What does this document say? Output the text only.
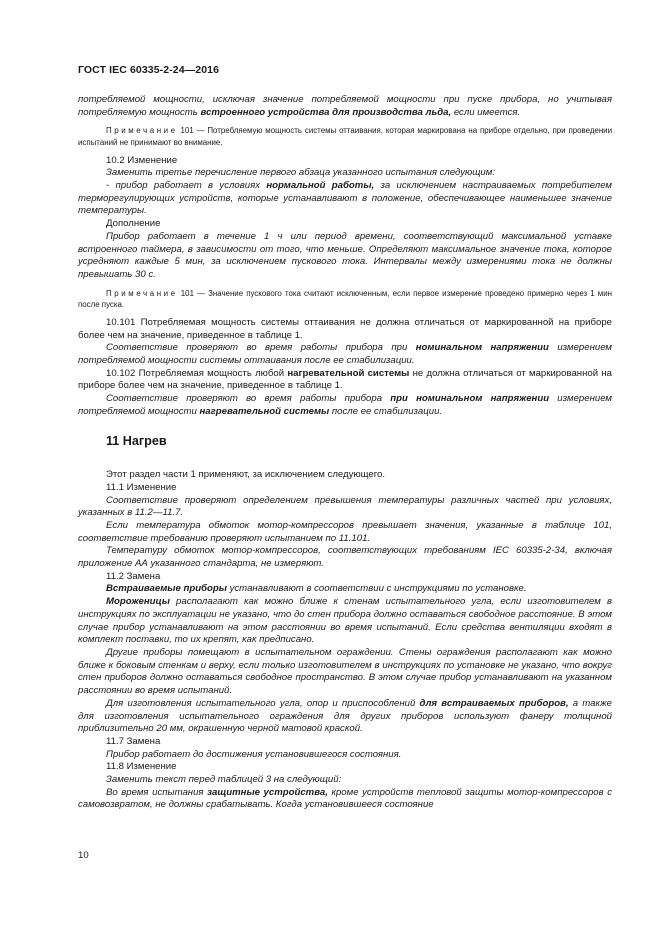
ГОСТ IEC 60335-2-24—2016

потребляемой мощности, исключая значение потребляемой мощности при пуске прибора, но учитывая потребляемую мощность встроенного устройства для производства льда, если имеется.

Примечание 101 — Потребляемую мощность системы оттаивания, которая маркирована на приборе отдельно, при проведении испытаний не принимают во внимание.

10.2 Изменение

Заменить третье перечисление первого абзаца указанного испытания следующим:

- прибор работает в условиях нормальной работы, за исключением настраиваемых потребителем терморегулирующих устройств, которые устанавливают в положение, обеспечивающее наименьшее значение температуры.

Дополнение

Прибор работает в течение 1 ч или период времени, соответствующий максимальной уставке встроенного таймера, в зависимости от того, что меньше. Определяют максимальное значение тока, которое усредняют каждые 5 мин, за исключением пускового тока. Интервалы между измерениями тока не должны превышать 30 с.

Примечание 101 — Значение пускового тока считают исключенным, если первое измерение проведено примерно через 1 мин после пуска.

10.101 Потребляемая мощность системы оттаивания не должна отличаться от маркированной на приборе более чем на значение, приведенное в таблице 1.

Соответствие проверяют во время работы прибора при номинальном напряжении измерением потребляемой мощности системы оттаивания после ее стабилизации.

10.102 Потребляемая мощность любой нагревательной системы не должна отличаться от маркированной на приборе более чем на значение, приведенное в таблице 1.

Соответствие проверяют во время работы прибора при номинальном напряжении измерением потребляемой мощности нагревательной системы после ее стабилизации.

11 Нагрев

Этот раздел части 1 применяют, за исключением следующего.

11.1 Изменение

Соответствие проверяют определением превышения температуры различных частей при условиях, указанных в 11.2—11.7.

Если температура обмоток мотор-компрессоров превышает значения, указанные в таблице 101, соответствие требованию проверяют испытанием по 11.101.

Температуру обмоток мотор-компрессоров, соответствующих требованиям IEC 60335-2-34, включая приложение АА указанного стандарта, не измеряют.

11.2 Замена

Встраиваемые приборы устанавливают в соответствии с инструкциями по установке.

Мороженицы располагают как можно ближе к стенам испытательного угла, если изготовителем в инструкциях по эксплуатации не указано, что до стен прибора должно оставаться свободное расстояние. В этом случае прибор устанавливают на этом расстоянии во время испытаний. Если средства вентиляции входят в комплект поставки, то их крепят, как предписано.

Другие приборы помещают в испытательном ограждении. Стены ограждения располагают как можно ближе к боковым стенкам и верху, если только изготовителем в инструкциях по установке не указано, что вокруг стен приборов должно оставаться свободное пространство. В этом случае прибор устанавливают на указанном расстоянии во время испытаний.

Для изготовления испытательного угла, опор и приспособлений для встраиваемых приборов, а также для изготовления испытательного ограждения для других приборов используют фанеру толщиной приблизительно 20 мм, окрашенную черной матовой краской.

11.7 Замена

Прибор работает до достижения установившегося состояния.

11.8 Изменение

Заменить текст перед таблицей 3 на следующий:

Во время испытания защитные устройства, кроме устройств тепловой защиты мотор-компрессоров с самовозвратом, не должны срабатывать. Когда установившееся состояние

10
